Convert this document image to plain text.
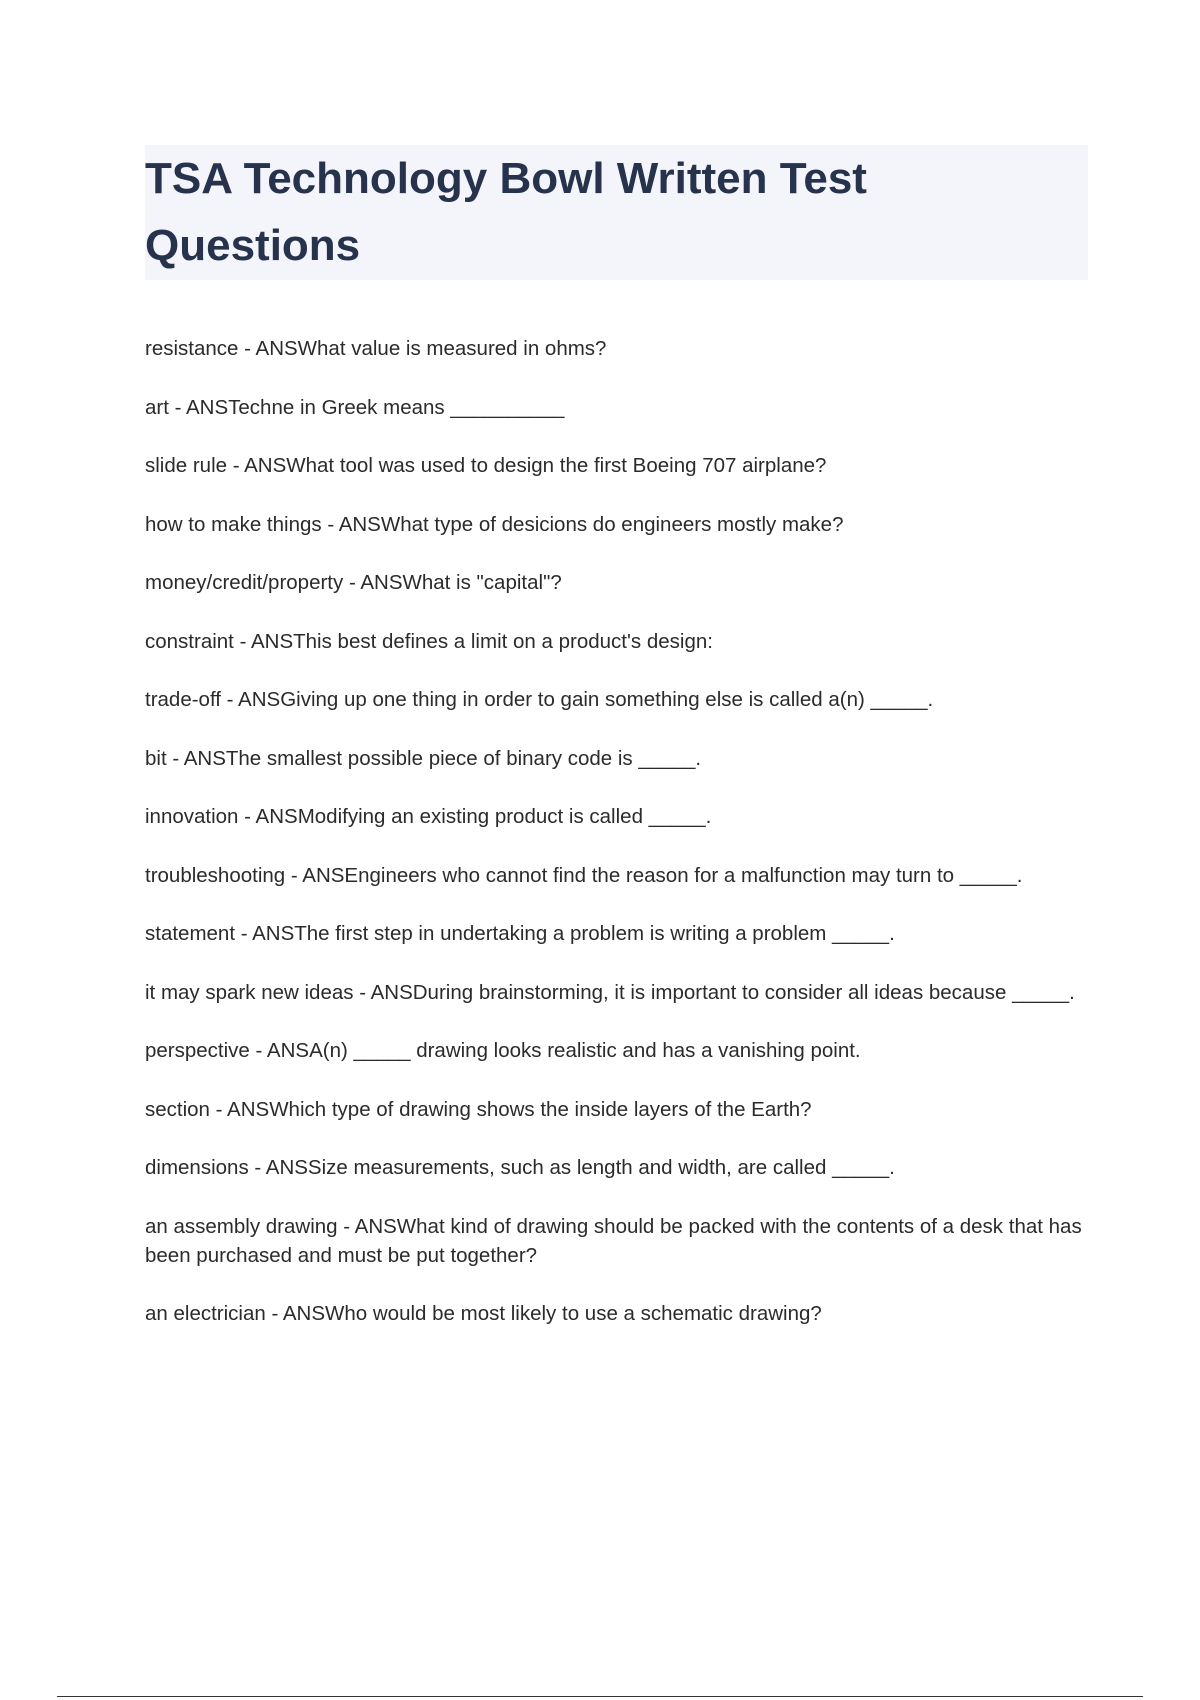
TSA Technology Bowl Written Test Questions
resistance - ANSWhat value is measured in ohms?
art - ANSTechne in Greek means __________
slide rule - ANSWhat tool was used to design the first Boeing 707 airplane?
how to make things - ANSWhat type of desicions do engineers mostly make?
money/credit/property - ANSWhat is "capital"?
constraint - ANSThis best defines a limit on a product's design:
trade-off - ANSGiving up one thing in order to gain something else is called a(n) _____.
bit - ANSThe smallest possible piece of binary code is _____.
innovation - ANSModifying an existing product is called _____.
troubleshooting - ANSEngineers who cannot find the reason for a malfunction may turn to _____.
statement - ANSThe first step in undertaking a problem is writing a problem _____.
it may spark new ideas - ANSDuring brainstorming, it is important to consider all ideas because _____.
perspective - ANSA(n) _____ drawing looks realistic and has a vanishing point.
section - ANSWhich type of drawing shows the inside layers of the Earth?
dimensions - ANSSize measurements, such as length and width, are called _____.
an assembly drawing - ANSWhat kind of drawing should be packed with the contents of a desk that has been purchased and must be put together?
an electrician - ANSWho would be most likely to use a schematic drawing?
